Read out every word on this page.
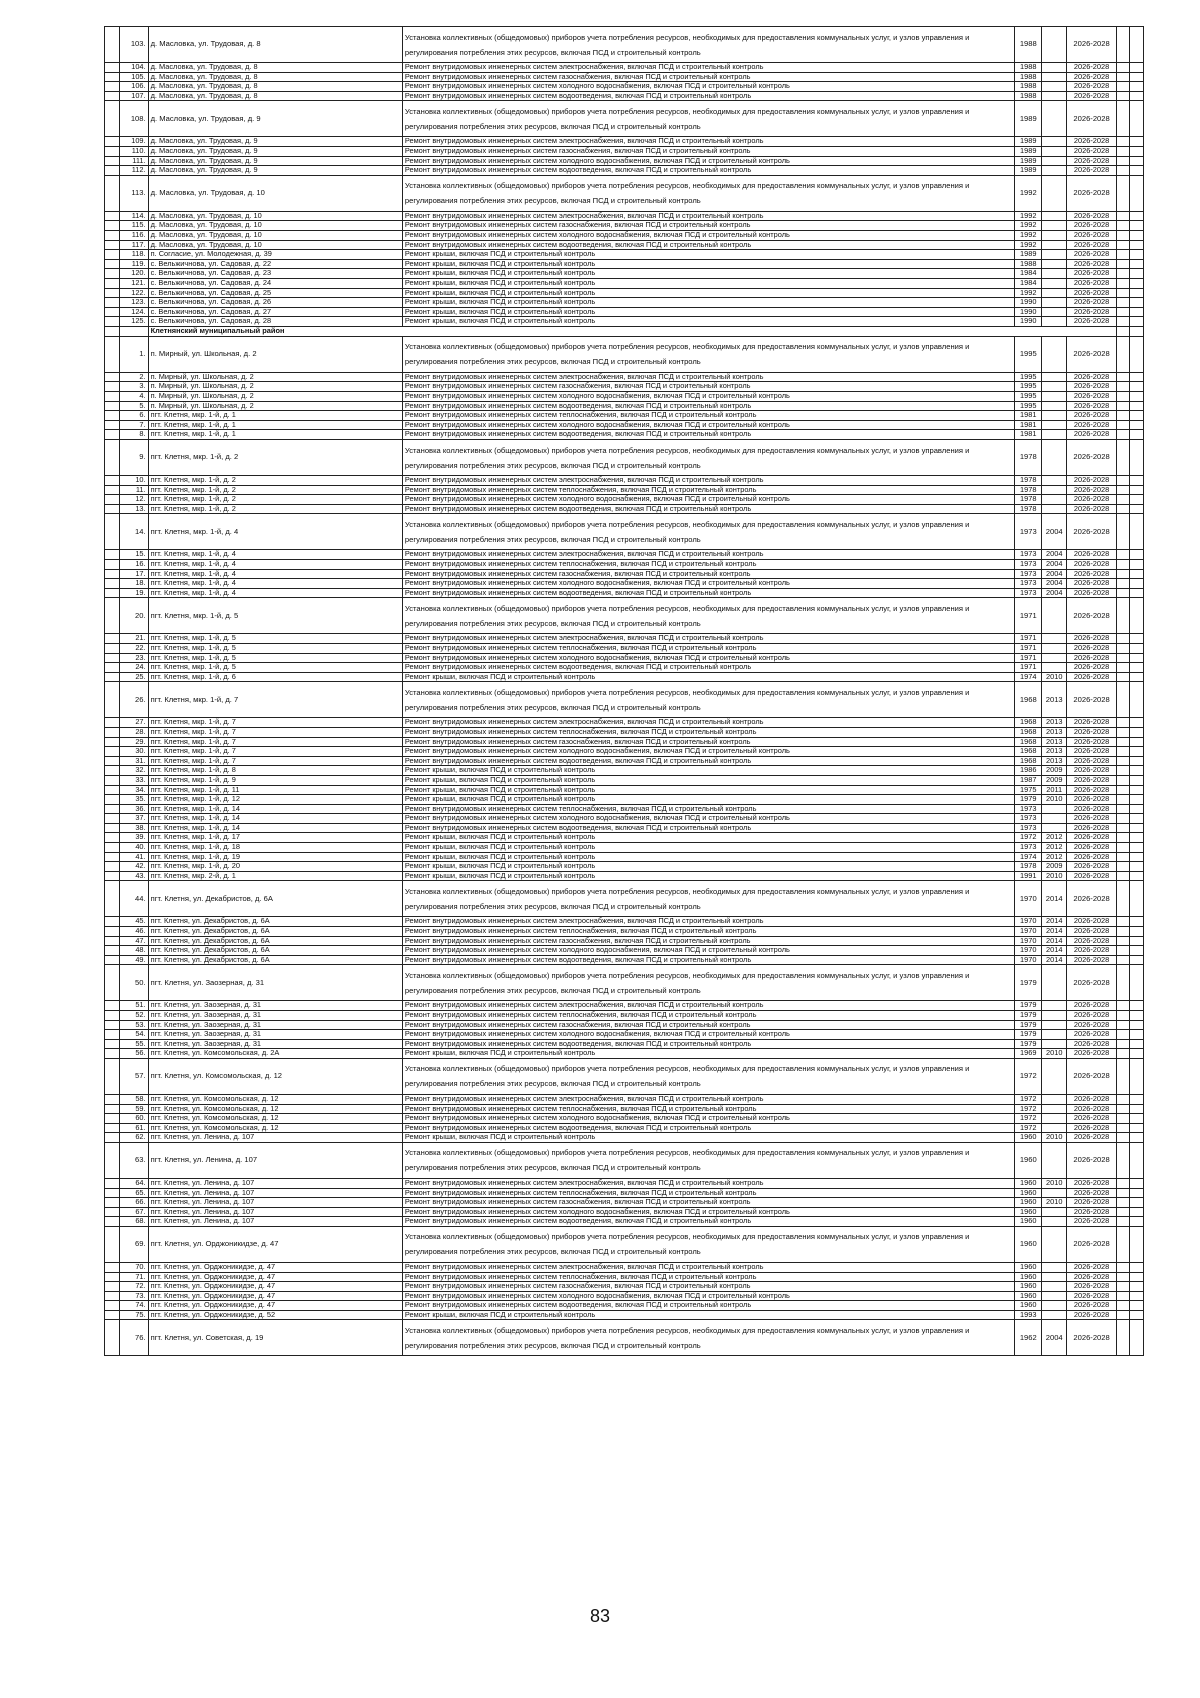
	103.	д. Масловка, ул. Трудовая, д. 8	Установка коллективных (общедомовых) приборов учета потребления ресурсов, необходимых для предоставления коммунальных услуг, и узлов управления и регулирования потребления этих ресурсов, включая ПСД и строительный контроль	1988		2026-2028		
	104.	д. Масловка, ул. Трудовая, д. 8	Ремонт внутридомовых инженерных систем электроснабжения, включая ПСД и строительный контроль	1988		2026-2028		
	105.	д. Масловка, ул. Трудовая, д. 8	Ремонт внутридомовых инженерных систем газоснабжения, включая ПСД и строительный контроль	1988		2026-2028		
	106.	д. Масловка, ул. Трудовая, д. 8	Ремонт внутридомовых инженерных систем холодного водоснабжения, включая ПСД и строительный контроль	1988		2026-2028		
	107.	д. Масловка, ул. Трудовая, д. 8	Ремонт внутридомовых инженерных систем водоотведения, включая ПСД и строительный контроль	1988		2026-2028		
	108.	д. Масловка, ул. Трудовая, д. 9	Установка коллективных (общедомовых) приборов учета потребления ресурсов, необходимых для предоставления коммунальных услуг, и узлов управления и регулирования потребления этих ресурсов, включая ПСД и строительный контроль	1989		2026-2028		
	109.	д. Масловка, ул. Трудовая, д. 9	Ремонт внутридомовых инженерных систем электроснабжения, включая ПСД и строительный контроль	1989		2026-2028		
	110.	д. Масловка, ул. Трудовая, д. 9	Ремонт внутридомовых инженерных систем газоснабжения, включая ПСД и строительный контроль	1989		2026-2028		
	111.	д. Масловка, ул. Трудовая, д. 9	Ремонт внутридомовых инженерных систем холодного водоснабжения, включая ПСД и строительный контроль	1989		2026-2028		
	112.	д. Масловка, ул. Трудовая, д. 9	Ремонт внутридомовых инженерных систем водоотведения, включая ПСД и строительный контроль	1989		2026-2028		
	113.	д. Масловка, ул. Трудовая, д. 10	Установка коллективных (общедомовых) приборов учета потребления ресурсов, необходимых для предоставления коммунальных услуг, и узлов управления и регулирования потребления этих ресурсов, включая ПСД и строительный контроль	1992		2026-2028		
	114.	д. Масловка, ул. Трудовая, д. 10	Ремонт внутридомовых инженерных систем электроснабжения, включая ПСД и строительный контроль	1992		2026-2028		
	115.	д. Масловка, ул. Трудовая, д. 10	Ремонт внутридомовых инженерных систем газоснабжения, включая ПСД и строительный контроль	1992		2026-2028		
	116.	д. Масловка, ул. Трудовая, д. 10	Ремонт внутридомовых инженерных систем холодного водоснабжения, включая ПСД и строительный контроль	1992		2026-2028		
	117.	д. Масловка, ул. Трудовая, д. 10	Ремонт внутридомовых инженерных систем водоотведения, включая ПСД и строительный контроль	1992		2026-2028		
	118.	п. Согласие, ул. Молодежная, д. 39	Ремонт крыши, включая ПСД и строительный контроль	1989		2026-2028		
	119.	с. Вельжичнова, ул. Садовая, д. 22	Ремонт крыши, включая ПСД и строительный контроль	1988		2026-2028		
	120.	с. Вельжичнова, ул. Садовая, д. 23	Ремонт крыши, включая ПСД и строительный контроль	1984		2026-2028		
	121.	с. Вельжичнова, ул. Садовая, д. 24	Ремонт крыши, включая ПСД и строительный контроль	1984		2026-2028		
	122.	с. Вельжичнова, ул. Садовая, д. 25	Ремонт крыши, включая ПСД и строительный контроль	1992		2026-2028		
	123.	с. Вельжичнова, ул. Садовая, д. 26	Ремонт крыши, включая ПСД и строительный контроль	1990		2026-2028		
	124.	с. Вельжичнова, ул. Садовая, д. 27	Ремонт крыши, включая ПСД и строительный контроль	1990		2026-2028		
	125.	с. Вельжичнова, ул. Садовая, д. 28	Ремонт крыши, включая ПСД и строительный контроль	1990		2026-2028		
		Клетнянский муниципальный район						
	1.	п. Мирный, ул. Школьная, д. 2	Установка коллективных (общедомовых) приборов учета потребления ресурсов, необходимых для предоставления коммунальных услуг, и узлов управления и регулирования потребления этих ресурсов, включая ПСД и строительный контроль	1995		2026-2028		
	2.	п. Мирный, ул. Школьная, д. 2	Ремонт внутридомовых инженерных систем электроснабжения, включая ПСД и строительный контроль	1995		2026-2028		
	3.	п. Мирный, ул. Школьная, д. 2	Ремонт внутридомовых инженерных систем газоснабжения, включая ПСД и строительный контроль	1995		2026-2028		
	4.	п. Мирный, ул. Школьная, д. 2	Ремонт внутридомовых инженерных систем холодного водоснабжения, включая ПСД и строительный контроль	1995		2026-2028		
	5.	п. Мирный, ул. Школьная, д. 2	Ремонт внутридомовых инженерных систем водоотведения, включая ПСД и строительный контроль	1995		2026-2028		
	6.	пгт. Клетня, мкр. 1-й, д. 1	Ремонт внутридомовых инженерных систем теплоснабжения, включая ПСД и строительный контроль	1981		2026-2028		
	7.	пгт. Клетня, мкр. 1-й, д. 1	Ремонт внутридомовых инженерных систем холодного водоснабжения, включая ПСД и строительный контроль	1981		2026-2028		
	8.	пгт. Клетня, мкр. 1-й, д. 1	Ремонт внутридомовых инженерных систем водоотведения, включая ПСД и строительный контроль	1981		2026-2028		
	9.	пгт. Клетня, мкр. 1-й, д. 2	Установка коллективных (общедомовых) приборов учета потребления ресурсов, необходимых для предоставления коммунальных услуг, и узлов управления и регулирования потребления этих ресурсов, включая ПСД и строительный контроль	1978		2026-2028		
	10.	пгт. Клетня, мкр. 1-й, д. 2	Ремонт внутридомовых инженерных систем электроснабжения, включая ПСД и строительный контроль	1978		2026-2028		
	11.	пгт. Клетня, мкр. 1-й, д. 2	Ремонт внутридомовых инженерных систем теплоснабжения, включая ПСД и строительный контроль	1978		2026-2028		
	12.	пгт. Клетня, мкр. 1-й, д. 2	Ремонт внутридомовых инженерных систем холодного водоснабжения, включая ПСД и строительный контроль	1978		2026-2028		
	13.	пгт. Клетня, мкр. 1-й, д. 2	Ремонт внутридомовых инженерных систем водоотведения, включая ПСД и строительный контроль	1978		2026-2028		
	14.	пгт. Клетня, мкр. 1-й, д. 4	Установка коллективных (общедомовых) приборов учета потребления ресурсов, необходимых для предоставления коммунальных услуг, и узлов управления и регулирования потребления этих ресурсов, включая ПСД и строительный контроль	1973	2004	2026-2028		
	15.	пгт. Клетня, мкр. 1-й, д. 4	Ремонт внутридомовых инженерных систем электроснабжения, включая ПСД и строительный контроль	1973	2004	2026-2028		
	16.	пгт. Клетня, мкр. 1-й, д. 4	Ремонт внутридомовых инженерных систем теплоснабжения, включая ПСД и строительный контроль	1973	2004	2026-2028		
	17.	пгт. Клетня, мкр. 1-й, д. 4	Ремонт внутридомовых инженерных систем газоснабжения, включая ПСД и строительный контроль	1973	2004	2026-2028		
	18.	пгт. Клетня, мкр. 1-й, д. 4	Ремонт внутридомовых инженерных систем холодного водоснабжения, включая ПСД и строительный контроль	1973	2004	2026-2028		
	19.	пгт. Клетня, мкр. 1-й, д. 4	Ремонт внутридомовых инженерных систем водоотведения, включая ПСД и строительный контроль	1973	2004	2026-2028		
	20.	пгт. Клетня, мкр. 1-й, д. 5	Установка коллективных (общедомовых) приборов учета потребления ресурсов, необходимых для предоставления коммунальных услуг, и узлов управления и регулирования потребления этих ресурсов, включая ПСД и строительный контроль	1971		2026-2028		
	21.	пгт. Клетня, мкр. 1-й, д. 5	Ремонт внутридомовых инженерных систем электроснабжения, включая ПСД и строительный контроль	1971		2026-2028		
	22.	пгт. Клетня, мкр. 1-й, д. 5	Ремонт внутридомовых инженерных систем теплоснабжения, включая ПСД и строительный контроль	1971		2026-2028		
	23.	пгт. Клетня, мкр. 1-й, д. 5	Ремонт внутридомовых инженерных систем холодного водоснабжения, включая ПСД и строительный контроль	1971		2026-2028		
	24.	пгт. Клетня, мкр. 1-й, д. 5	Ремонт внутридомовых инженерных систем водоотведения, включая ПСД и строительный контроль	1971		2026-2028		
	25.	пгт. Клетня, мкр. 1-й, д. 6	Ремонт крыши, включая ПСД и строительный контроль	1974	2010	2026-2028		
	26.	пгт. Клетня, мкр. 1-й, д. 7	Установка коллективных (общедомовых) приборов учета потребления ресурсов, необходимых для предоставления коммунальных услуг, и узлов управления и регулирования потребления этих ресурсов, включая ПСД и строительный контроль	1968	2013	2026-2028		
	27.	пгт. Клетня, мкр. 1-й, д. 7	Ремонт внутридомовых инженерных систем электроснабжения, включая ПСД и строительный контроль	1968	2013	2026-2028		
	28.	пгт. Клетня, мкр. 1-й, д. 7	Ремонт внутридомовых инженерных систем теплоснабжения, включая ПСД и строительный контроль	1968	2013	2026-2028		
	29.	пгт. Клетня, мкр. 1-й, д. 7	Ремонт внутридомовых инженерных систем газоснабжения, включая ПСД и строительный контроль	1968	2013	2026-2028		
	30.	пгт. Клетня, мкр. 1-й, д. 7	Ремонт внутридомовых инженерных систем холодного водоснабжения, включая ПСД и строительный контроль	1968	2013	2026-2028		
	31.	пгт. Клетня, мкр. 1-й, д. 7	Ремонт внутридомовых инженерных систем водоотведения, включая ПСД и строительный контроль	1968	2013	2026-2028		
	32.	пгт. Клетня, мкр. 1-й, д. 8	Ремонт крыши, включая ПСД и строительный контроль	1986	2009	2026-2028		
	33.	пгт. Клетня, мкр. 1-й, д. 9	Ремонт крыши, включая ПСД и строительный контроль	1987	2009	2026-2028		
	34.	пгт. Клетня, мкр. 1-й, д. 11	Ремонт крыши, включая ПСД и строительный контроль	1975	2011	2026-2028		
	35.	пгт. Клетня, мкр. 1-й, д. 12	Ремонт крыши, включая ПСД и строительный контроль	1979	2010	2026-2028		
	36.	пгт. Клетня, мкр. 1-й, д. 14	Ремонт внутридомовых инженерных систем теплоснабжения, включая ПСД и строительный контроль	1973		2026-2028		
	37.	пгт. Клетня, мкр. 1-й, д. 14	Ремонт внутридомовых инженерных систем холодного водоснабжения, включая ПСД и строительный контроль	1973		2026-2028		
	38.	пгт. Клетня, мкр. 1-й, д. 14	Ремонт внутридомовых инженерных систем водоотведения, включая ПСД и строительный контроль	1973		2026-2028		
	39.	пгт. Клетня, мкр. 1-й, д. 17	Ремонт крыши, включая ПСД и строительный контроль	1972	2012	2026-2028		
	40.	пгт. Клетня, мкр. 1-й, д. 18	Ремонт крыши, включая ПСД и строительный контроль	1973	2012	2026-2028		
	41.	пгт. Клетня, мкр. 1-й, д. 19	Ремонт крыши, включая ПСД и строительный контроль	1974	2012	2026-2028		
	42.	пгт. Клетня, мкр. 1-й, д. 20	Ремонт крыши, включая ПСД и строительный контроль	1978	2009	2026-2028		
	43.	пгт. Клетня, мкр. 2-й, д. 1	Ремонт крыши, включая ПСД и строительный контроль	1991	2010	2026-2028		
	44.	пгт. Клетня, ул. Декабристов, д. 6А	Установка коллективных (общедомовых) приборов учета потребления ресурсов, необходимых для предоставления коммунальных услуг, и узлов управления и регулирования потребления этих ресурсов, включая ПСД и строительный контроль	1970	2014	2026-2028		
	45.	пгт. Клетня, ул. Декабристов, д. 6А	Ремонт внутридомовых инженерных систем электроснабжения, включая ПСД и строительный контроль	1970	2014	2026-2028		
	46.	пгт. Клетня, ул. Декабристов, д. 6А	Ремонт внутридомовых инженерных систем теплоснабжения, включая ПСД и строительный контроль	1970	2014	2026-2028		
	47.	пгт. Клетня, ул. Декабристов, д. 6А	Ремонт внутридомовых инженерных систем газоснабжения, включая ПСД и строительный контроль	1970	2014	2026-2028		
	48.	пгт. Клетня, ул. Декабристов, д. 6А	Ремонт внутридомовых инженерных систем холодного водоснабжения, включая ПСД и строительный контроль	1970	2014	2026-2028		
	49.	пгт. Клетня, ул. Декабристов, д. 6А	Ремонт внутридомовых инженерных систем водоотведения, включая ПСД и строительный контроль	1970	2014	2026-2028		
	50.	пгт. Клетня, ул. Заозерная, д. 31	Установка коллективных (общедомовых) приборов учета потребления ресурсов, необходимых для предоставления коммунальных услуг, и узлов управления и регулирования потребления этих ресурсов, включая ПСД и строительный контроль	1979		2026-2028		
	51.	пгт. Клетня, ул. Заозерная, д. 31	Ремонт внутридомовых инженерных систем электроснабжения, включая ПСД и строительный контроль	1979		2026-2028		
	52.	пгт. Клетня, ул. Заозерная, д. 31	Ремонт внутридомовых инженерных систем теплоснабжения, включая ПСД и строительный контроль	1979		2026-2028		
	53.	пгт. Клетня, ул. Заозерная, д. 31	Ремонт внутридомовых инженерных систем газоснабжения, включая ПСД и строительный контроль	1979		2026-2028		
	54.	пгт. Клетня, ул. Заозерная, д. 31	Ремонт внутридомовых инженерных систем холодного водоснабжения, включая ПСД и строительный контроль	1979		2026-2028		
	55.	пгт. Клетня, ул. Заозерная, д. 31	Ремонт внутридомовых инженерных систем водоотведения, включая ПСД и строительный контроль	1979		2026-2028		
	56.	пгт. Клетня, ул. Комсомольская, д. 2А	Ремонт крыши, включая ПСД и строительный контроль	1969	2010	2026-2028		
	57.	пгт. Клетня, ул. Комсомольская, д. 12	Установка коллективных (общедомовых) приборов учета потребления ресурсов, необходимых для предоставления коммунальных услуг, и узлов управления и регулирования потребления этих ресурсов, включая ПСД и строительный контроль	1972		2026-2028		
	58.	пгт. Клетня, ул. Комсомольская, д. 12	Ремонт внутридомовых инженерных систем электроснабжения, включая ПСД и строительный контроль	1972		2026-2028		
	59.	пгт. Клетня, ул. Комсомольская, д. 12	Ремонт внутридомовых инженерных систем теплоснабжения, включая ПСД и строительный контроль	1972		2026-2028		
	60.	пгт. Клетня, ул. Комсомольская, д. 12	Ремонт внутридомовых инженерных систем холодного водоснабжения, включая ПСД и строительный контроль	1972		2026-2028		
	61.	пгт. Клетня, ул. Комсомольская, д. 12	Ремонт внутридомовых инженерных систем водоотведения, включая ПСД и строительный контроль	1972		2026-2028		
	62.	пгт. Клетня, ул. Ленина, д. 107	Ремонт крыши, включая ПСД и строительный контроль	1960	2010	2026-2028		
	63.	пгт. Клетня, ул. Ленина, д. 107	Установка коллективных (общедомовых) приборов учета потребления ресурсов, необходимых для предоставления коммунальных услуг, и узлов управления и регулирования потребления этих ресурсов, включая ПСД и строительный контроль	1960		2026-2028		
	64.	пгт. Клетня, ул. Ленина, д. 107	Ремонт внутридомовых инженерных систем электроснабжения, включая ПСД и строительный контроль	1960	2010	2026-2028		
	65.	пгт. Клетня, ул. Ленина, д. 107	Ремонт внутридомовых инженерных систем теплоснабжения, включая ПСД и строительный контроль	1960		2026-2028		
	66.	пгт. Клетня, ул. Ленина, д. 107	Ремонт внутридомовых инженерных систем газоснабжения, включая ПСД и строительный контроль	1960	2010	2026-2028		
	67.	пгт. Клетня, ул. Ленина, д. 107	Ремонт внутридомовых инженерных систем холодного водоснабжения, включая ПСД и строительный контроль	1960		2026-2028		
	68.	пгт. Клетня, ул. Ленина, д. 107	Ремонт внутридомовых инженерных систем водоотведения, включая ПСД и строительный контроль	1960		2026-2028		
	69.	пгт. Клетня, ул. Орджоникидзе, д. 47	Установка коллективных (общедомовых) приборов учета потребления ресурсов, необходимых для предоставления коммунальных услуг, и узлов управления и регулирования потребления этих ресурсов, включая ПСД и строительный контроль	1960		2026-2028		
	70.	пгт. Клетня, ул. Орджоникидзе, д. 47	Ремонт внутридомовых инженерных систем электроснабжения, включая ПСД и строительный контроль	1960		2026-2028		
	71.	пгт. Клетня, ул. Орджоникидзе, д. 47	Ремонт внутридомовых инженерных систем теплоснабжения, включая ПСД и строительный контроль	1960		2026-2028		
	72.	пгт. Клетня, ул. Орджоникидзе, д. 47	Ремонт внутридомовых инженерных систем газоснабжения, включая ПСД и строительный контроль	1960		2026-2028		
	73.	пгт. Клетня, ул. Орджоникидзе, д. 47	Ремонт внутридомовых инженерных систем холодного водоснабжения, включая ПСД и строительный контроль	1960		2026-2028		
	74.	пгт. Клетня, ул. Орджоникидзе, д. 47	Ремонт внутридомовых инженерных систем водоотведения, включая ПСД и строительный контроль	1960		2026-2028		
	75.	пгт. Клетня, ул. Орджоникидзе, д. 52	Ремонт крыши, включая ПСД и строительный контроль	1993		2026-2028		
	76.	пгт. Клетня, ул. Советская, д. 19	Установка коллективных (общедомовых) приборов учета потребления ресурсов, необходимых для предоставления коммунальных услуг, и узлов управления и регулирования потребления этих ресурсов, включая ПСД и строительный контроль	1962	2004	2026-2028		
83
